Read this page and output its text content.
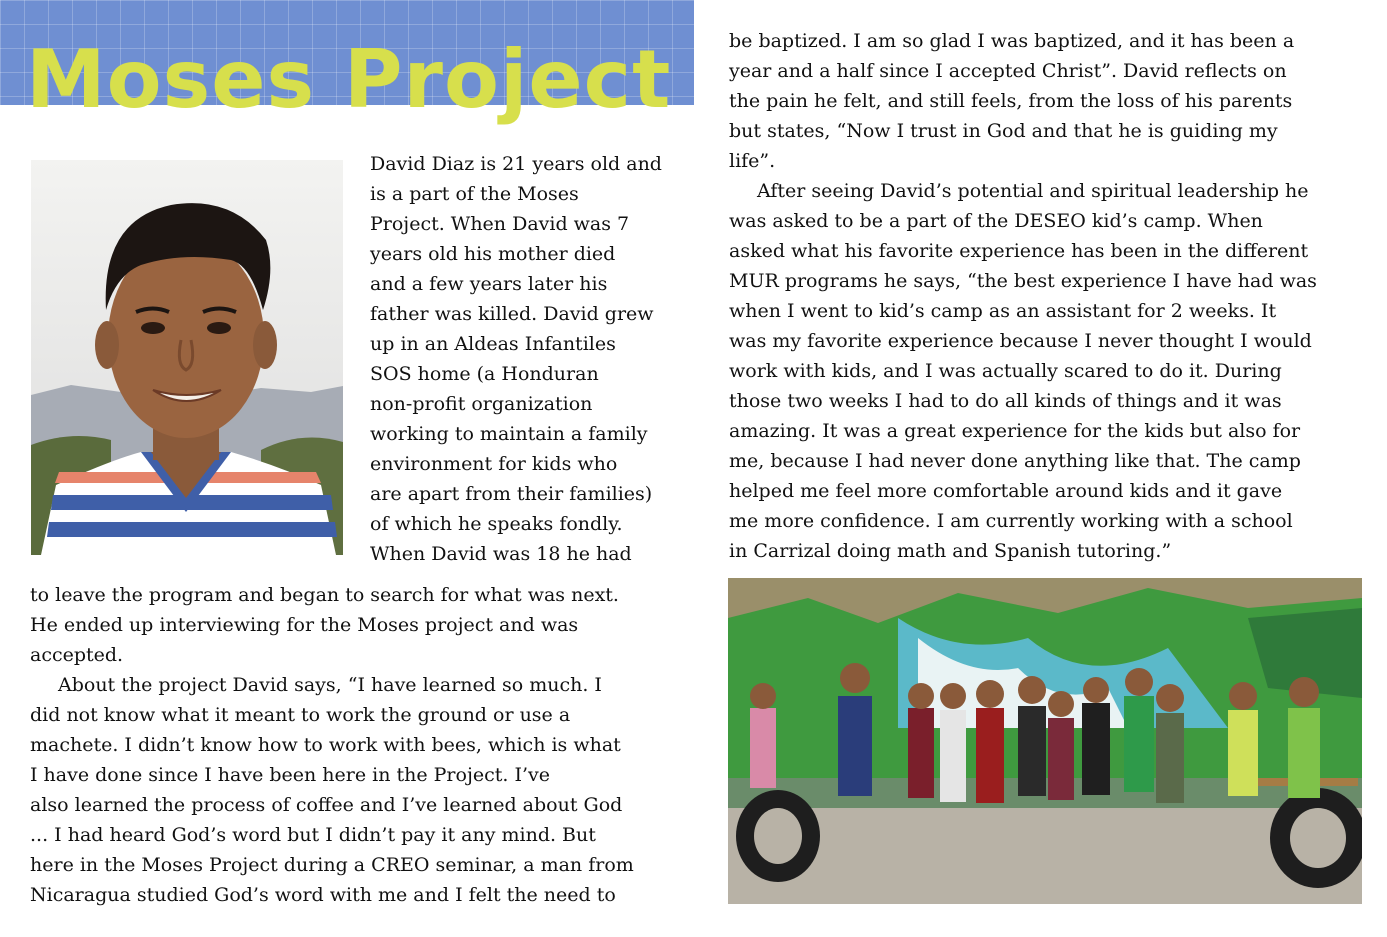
Moses Project
David Diaz is 21 years old and
is a part of the Moses
Project. When David was 7
years old his mother died
and a few years later his
father was killed. David grew
up in an Aldeas Infantiles
SOS home (a Honduran
non-profit organization
working to maintain a family
environment for kids who
are apart from their families)
of which he speaks fondly.
When David was 18 he had
to leave the program and began to search for what was next.
He ended up interviewing for the Moses project and was
accepted.
About the project David says, “I have learned so much. I
did not know what it meant to work the ground or use a
machete. I didn’t know how to work with bees, which is what
I have done since I have been here in the Project. I’ve
also learned the process of coffee and I’ve learned about God
... I had heard God’s word but I didn’t pay it any mind. But
here in the Moses Project during a CREO seminar, a man from
Nicaragua studied God’s word with me and I felt the need to
be baptized. I am so glad I was baptized, and it has been a
year and a half since I accepted Christ”. David reflects on
the pain he felt, and still feels, from the loss of his parents
but states, “Now I trust in God and that he is guiding my
life”.
After seeing David’s potential and spiritual leadership he
was asked to be a part of the DESEO kid’s camp. When
asked what his favorite experience has been in the different
MUR programs he says, “the best experience I have had was
when I went to kid’s camp as an assistant for 2 weeks. It
was my favorite experience because I never thought I would
work with kids, and I was actually scared to do it. During
those two weeks I had to do all kinds of things and it was
amazing. It was a great experience for the kids but also for
me, because I had never done anything like that. The camp
helped me feel more comfortable around kids and it gave
me more confidence. I am currently working with a school
in Carrizal doing math and Spanish tutoring.”
